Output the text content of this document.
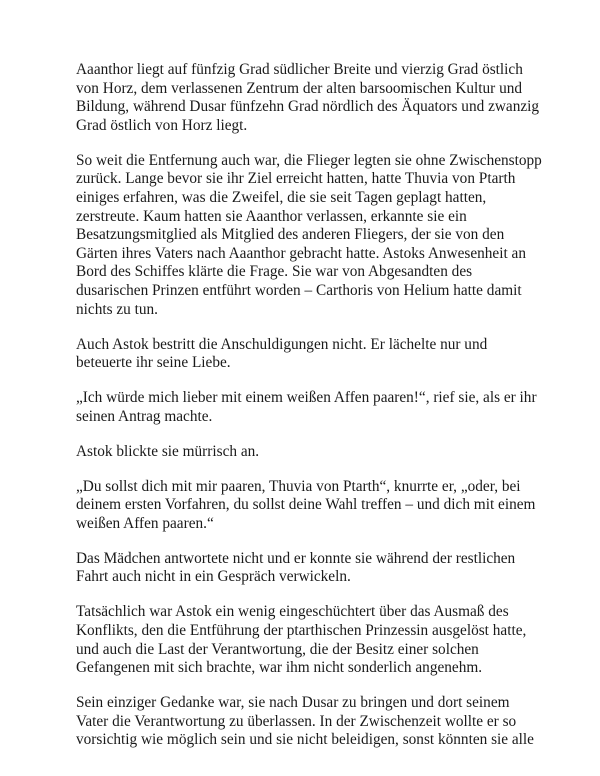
Aaanthor liegt auf fünfzig Grad südlicher Breite und vierzig Grad östlich
von Horz, dem verlassenen Zentrum der alten barsoomischen Kultur und
Bildung, während Dusar fünfzehn Grad nördlich des Äquators und zwanzig
Grad östlich von Horz liegt.

So weit die Entfernung auch war, die Flieger legten sie ohne Zwischenstopp
zurück. Lange bevor sie ihr Ziel erreicht hatten, hatte Thuvia von Ptarth
einiges erfahren, was die Zweifel, die sie seit Tagen geplagt hatten,
zerstreute. Kaum hatten sie Aaanthor verlassen, erkannte sie ein
Besatzungsmitglied als Mitglied des anderen Fliegers, der sie von den
Gärten ihres Vaters nach Aaanthor gebracht hatte. Astoks Anwesenheit an
Bord des Schiffes klärte die Frage. Sie war von Abgesandten des
dusarischen Prinzen entführt worden – Carthoris von Helium hatte damit
nichts zu tun.

Auch Astok bestritt die Anschuldigungen nicht. Er lächelte nur und
beteuerte ihr seine Liebe.

„Ich würde mich lieber mit einem weißen Affen paaren!“, rief sie, als er ihr
seinen Antrag machte.

Astok blickte sie mürrisch an.

„Du sollst dich mit mir paaren, Thuvia von Ptarth“, knurrte er, „oder, bei
deinem ersten Vorfahren, du sollst deine Wahl treffen – und dich mit einem
weißen Affen paaren.“

Das Mädchen antwortete nicht und er konnte sie während der restlichen
Fahrt auch nicht in ein Gespräch verwickeln.

Tatsächlich war Astok ein wenig eingeschüchtert über das Ausmaß des
Konflikts, den die Entführung der ptarthischen Prinzessin ausgelöst hatte,
und auch die Last der Verantwortung, die der Besitz einer solchen
Gefangenen mit sich brachte, war ihm nicht sonderlich angenehm.

Sein einziger Gedanke war, sie nach Dusar zu bringen und dort seinem
Vater die Verantwortung zu überlassen. In der Zwischenzeit wollte er so
vorsichtig wie möglich sein und sie nicht beleidigen, sonst könnten sie alle
